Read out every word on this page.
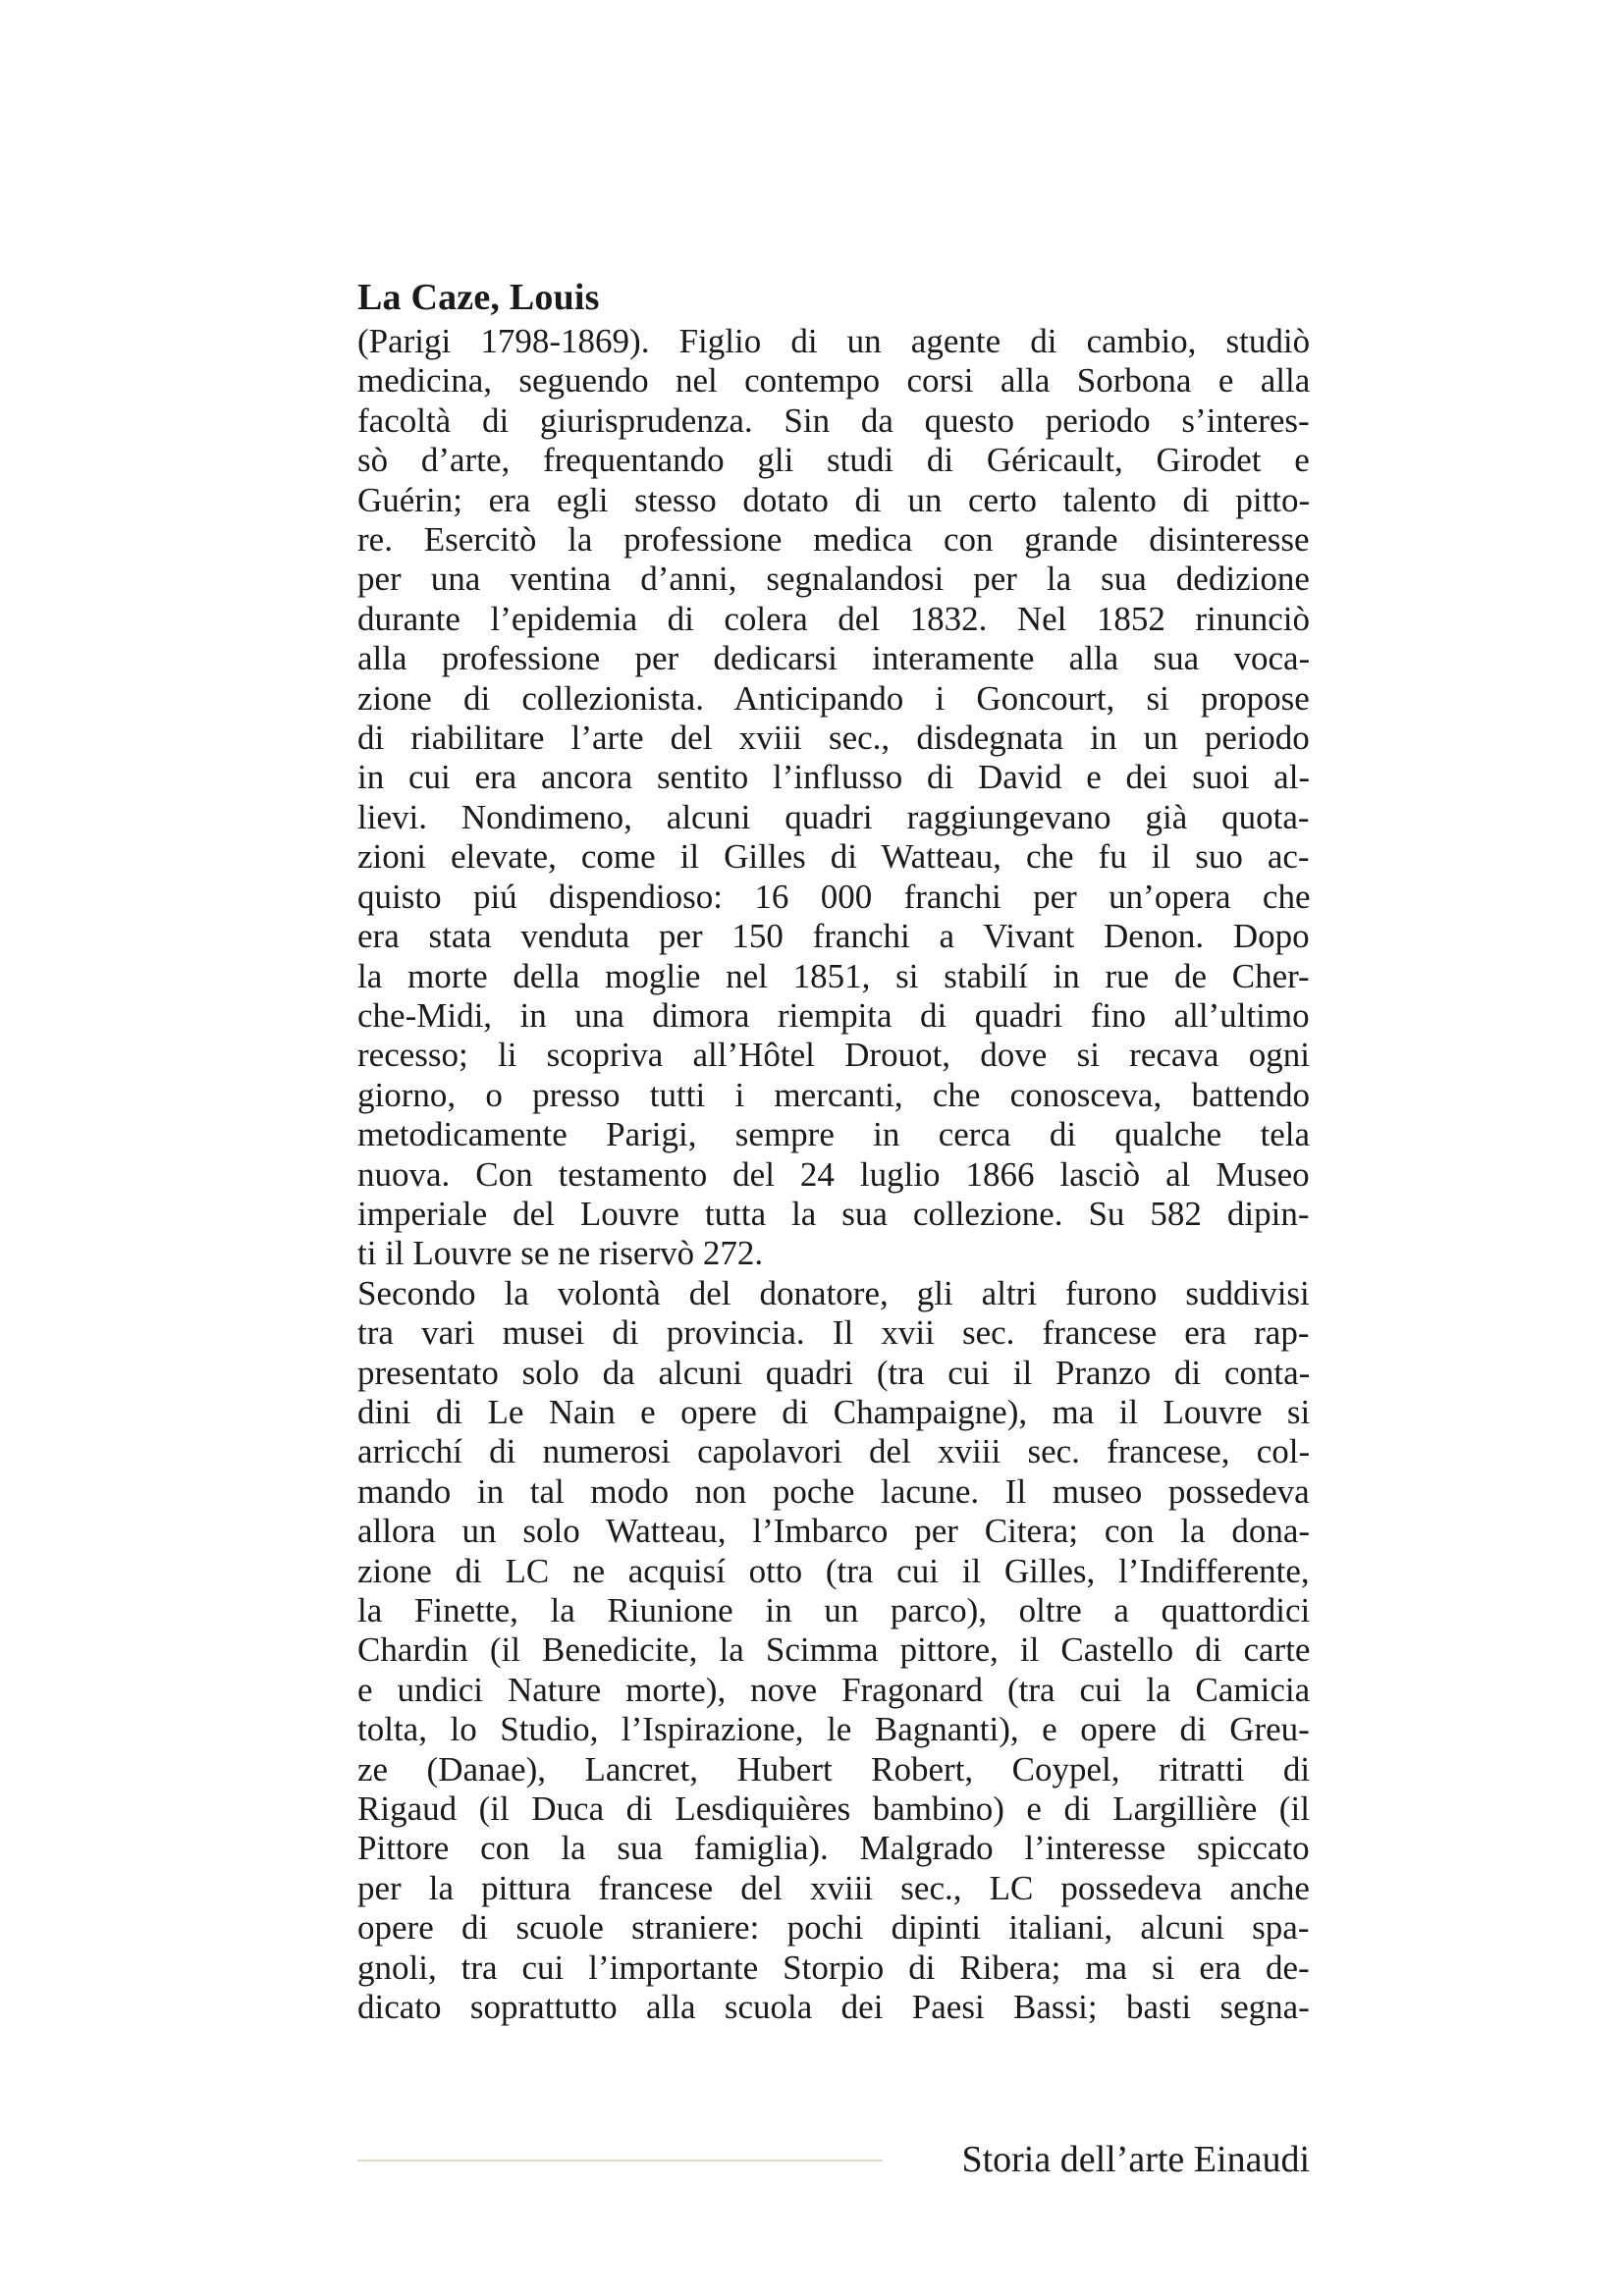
La Caze, Louis
(Parigi 1798-1869). Figlio di un agente di cambio, studiò
medicina, seguendo nel contempo corsi alla Sorbona e alla
facoltà di giurisprudenza. Sin da questo periodo s’interes-
sò d’arte, frequentando gli studi di Géricault, Girodet e
Guérin; era egli stesso dotato di un certo talento di pitto-
re. Esercitò la professione medica con grande disinteresse
per una ventina d’anni, segnalandosi per la sua dedizione
durante l’epidemia di colera del 1832. Nel 1852 rinunciò
alla professione per dedicarsi interamente alla sua voca-
zione di collezionista. Anticipando i Goncourt, si propose
di riabilitare l’arte del xviii sec., disdegnata in un periodo
in cui era ancora sentito l’influsso di David e dei suoi al-
lievi. Nondimeno, alcuni quadri raggiungevano già quota-
zioni elevate, come il Gilles di Watteau, che fu il suo ac-
quisto piú dispendioso: 16 000 franchi per un’opera che
era stata venduta per 150 franchi a Vivant Denon. Dopo
la morte della moglie nel 1851, si stabilí in rue de Cher-
che-Midi, in una dimora riempita di quadri fino all’ultimo
recesso; li scopriva all’Hôtel Drouot, dove si recava ogni
giorno, o presso tutti i mercanti, che conosceva, battendo
metodicamente Parigi, sempre in cerca di qualche tela
nuova. Con testamento del 24 luglio 1866 lasciò al Museo
imperiale del Louvre tutta la sua collezione. Su 582 dipin-
ti il Louvre se ne riservò 272.
Secondo la volontà del donatore, gli altri furono suddivisi
tra vari musei di provincia. Il xvii sec. francese era rap-
presentato solo da alcuni quadri (tra cui il Pranzo di conta-
dini di Le Nain e opere di Champaigne), ma il Louvre si
arricchí di numerosi capolavori del xviii sec. francese, col-
mando in tal modo non poche lacune. Il museo possedeva
allora un solo Watteau, l’Imbarco per Citera; con la dona-
zione di LC ne acquisí otto (tra cui il Gilles, l’Indifferente,
la Finette, la Riunione in un parco), oltre a quattordici
Chardin (il Benedicite, la Scimma pittore, il Castello di carte
e undici Nature morte), nove Fragonard (tra cui la Camicia
tolta, lo Studio, l’Ispirazione, le Bagnanti), e opere di Greu-
ze (Danae), Lancret, Hubert Robert, Coypel, ritratti di
Rigaud (il Duca di Lesdiquières bambino) e di Largillière (il
Pittore con la sua famiglia). Malgrado l’interesse spiccato
per la pittura francese del xviii sec., LC possedeva anche
opere di scuole straniere: pochi dipinti italiani, alcuni spa-
gnoli, tra cui l’importante Storpio di Ribera; ma si era de-
dicato soprattutto alla scuola dei Paesi Bassi; basti segna-
Storia dell’arte Einaudi
